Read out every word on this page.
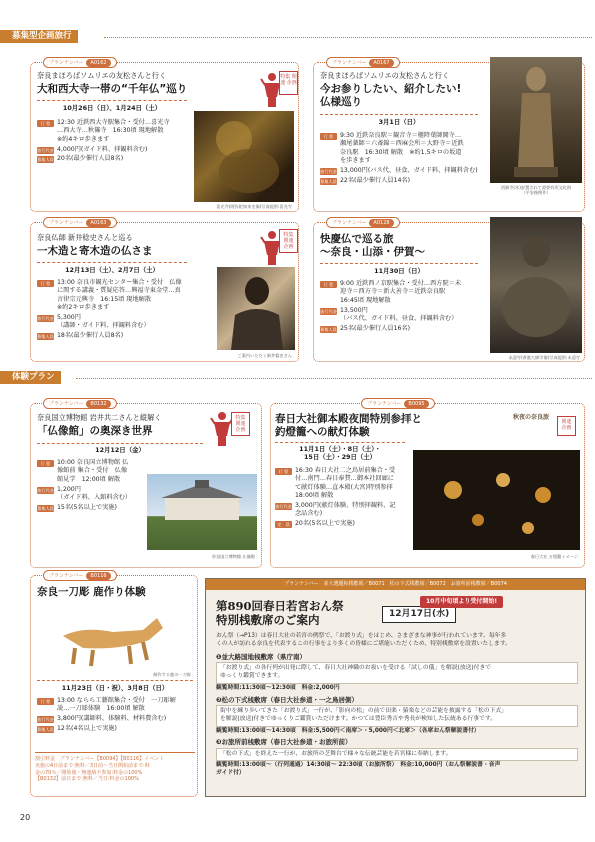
募集型企画旅行
プランナンバー A0162
奈良まほろばソムリエの友松さんと行く
大和西大寺一帯の“千年仏”巡り
10月26日（日）、1月24日（土）
行 程	12:30 近鉄西大寺駅集合・受付…喜光寺
…西大寺…秋篠寺　16:30頃 現地解散
※約4キロ歩きます
旅行代金 4,000円(ガイド料、拝観料含む)
募集人員 20名(最少催行人員8名)
喜光寺(阿弥陀如来坐像)写真提供:喜光寺
特集 関連 企画
プランナンバー A0167
奈良まほろばソムリエの友松さんと行く
今お参りしたい、紹介したい!
仏様巡り
3月1日（日）
行 程	9:30 近鉄奈良駅＝観音寺＝榧降葉師閣寺…
瀬尾薬師＝六斎錦＝西麻会所＝大野寺＝近鉄
奈良駅　16:30頃 解散　※約1.5キロの坂道
を歩きます
旅行代金 13,000円(バス代、昼食、ガイド料、拝観料含む)
募集人員 22名(最少催行人員14名)
西勝寺(木)安置されて重要有形文化財
（平安後期作）
プランナンバー A0163
奈良仏師 新井稔史さんと巡る
一木造と寄木造の仏さま
12月13日（土）、2月7日（土）
行 程	13:00 奈良市観光センター集合・受付　仏像
に関する講義・質疑応答…興福寺東金堂…真
言律宗元興寺　16:15頃 現地解散
※約2キロ歩きます
旅行代金 5,300円
（講師・ガイド料、拝観料含む）
募集人員 18名(最少催行人員8名)
ご案内いただく新井稔史さん
特集
関連
企画
プランナンバー A0128
快慶仏で巡る旅
〜奈良・山添・伊賀〜
11月30日（日）
行 程	9:00 近鉄西ノ京駅集合・受付…西方院＝未
迎寺＝西方寺＝新大善寺＝近鉄奈良駅
16:45頃 現地解散
旅行代金 13,500円
（バス代、ガイド料、昼食、拝観料含む）
募集人員 25名(最少催行人員16名)
未迎寺(香港大師学像)写真提供:未迎寺
体験プラン
プランナンバー B0132
奈良国立博物館 岩井共二さんと縦解く
「仏像館」の奥深き世界
12月12日（金）
行 程	10:00 奈良国立博物館 仏
像館前 集合・受付　仏像
館見学　12:00頃 解散
旅行代金 1,200円
（ガイド料、入館料含む）
募集人員 15名(5名以上で実施)
奈良国立博物館 仏像館
特集
関連
企画
プランナンバー B0095
春日大社御本殿夜間特別参拝と
釣燈籠への献灯体験
11月1日（土）・8日（土）・
15日（土）・29日（土）
行 程	16:30 春日大社二之鳥居前集合・受
付…南門…春日奉賛…御本社回廊に
て献灯体験…直本殿(大宮)特別参拝
18:00頃 解散
旅行代金 3,000円(献灯体験、特別拝観料、記
念品含む)
定　員 20名(5名以上で実施)
秋夜の奈良旅
関連
企画
春日大社 万燈籠イメージ
プランナンバー B0116
奈良一刀彫 鹿作り体験
制作する鹿の一刀彫
11月23日（日・祝）、3月8日（日）
行 程	13:00 ならら工藝館集合・受付　一刀彫解
説…一刀彫体験　16:00頃 解散
旅行代金 3,800円(講師料、体験料、材料費含む)
募集人員 12名(4名以上で実施)
割引料金　プランナンバー【B0094】【B0116】イベント
実施の4日前まで:無料／3日前〜当日開始前まで:料
金の70％／開始後・無連絡不参加:料金の100%
【B0132】前日まで:無料／当日:料金の100%
プランナンバー　並大選題和桟敷席／B0071　松の下式桟敷席／B0072　お旅所前桟敷席／B0074
第890回春日若宮おん祭
特別桟敷席のご案内	12月17日(水)
10月中旬頃より受付開始!
おん祭（→P13）は春日大社の若宮の例祭で、「お渡り式」をはじめ、さまざまな神事が行われています。毎年多
くの人が訪れる奈良を代表するこの行事をより多くの皆様にご堪能いただくため、特別桟敷席を設置いたします。
❶並大路国地桟敷席（県庁南）
「お渡り式」の各行列が出発に際して、春日大社神職のお祓いを受ける「試しの儀」を解説(放送)付きで
ゆっくり鑑賞できます。
観覧時間:11:30頃〜12:30頃　料金:2,000円
❷松の下式桟敷席（春日大社参道・一之鳥居側）
街中を練り歩いてきた「お渡り式」一行が、「影向の松」の前で田楽・猿楽などの芸能を披露する「松の下式」
を解説(放送)付きでゆっくりご鑑賞いただけます。かつては豊臣秀吉や秀長が検知した伝統ある行事です。
観覧時間:13:00頃〜14:30頃　料金:5,500円＜南席＞・5,000円＜北席＞（各席おん祭解説書付）
❸お旅所前桟敷席（春日大社参道・お旅所前）
「松の下式」を終えた一行が、お旅所の芝舞台で様々な伝統芸能を若宮様に奉納します。
観覧時間:13:00頃〜（行列通過）14:30頃〜 22:30頃（お旅所祭）　料金:10,000円（おん祭解説書・音声
ガイド付）
20
